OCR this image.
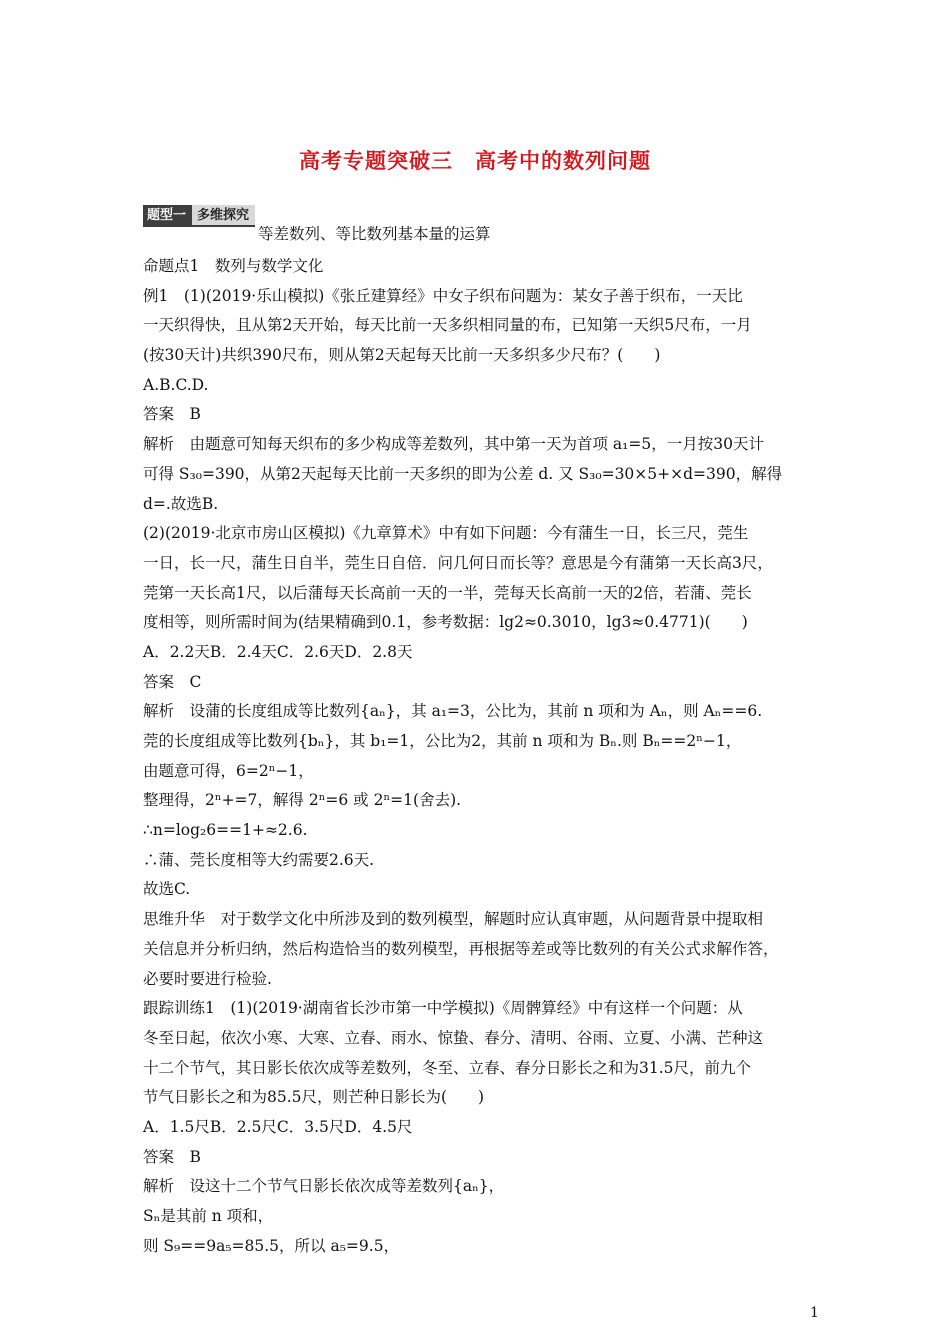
高考专题突破三　高考中的数列问题
题型一 多维探究
等差数列、等比数列基本量的运算
命题点1　数列与数学文化
例1　(1)(2019·乐山模拟)《张丘建算经》中女子织布问题为：某女子善于织布，一天比
一天织得快，且从第2天开始，每天比前一天多织相同量的布，已知第一天织5尺布，一月
(按30天计)共织390尺布，则从第2天起每天比前一天多织多少尺布？(　　)
A.B.C.D.
答案　B
解析　由题意可知每天织布的多少构成等差数列，其中第一天为首项 a₁=5，一月按30天计
可得 S₃₀=390，从第2天起每天比前一天多织的即为公差 d. 又 S₃₀=30×5+×d=390，解得
d=.故选B.
(2)(2019·北京市房山区模拟)《九章算术》中有如下问题：今有蒲生一日，长三尺，莞生
一日，长一尺，蒲生日自半，莞生日自倍．问几何日而长等？意思是今有蒲第一天长高3尺，
莞第一天长高1尺，以后蒲每天长高前一天的一半，莞每天长高前一天的2倍，若蒲、莞长
度相等，则所需时间为(结果精确到0.1，参考数据：lg2≈0.3010，lg3≈0.4771)(　　)
A．2.2天B．2.4天C．2.6天D．2.8天
答案　C
解析　设蒲的长度组成等比数列{aₙ}，其 a₁=3，公比为，其前 n 项和为 Aₙ，则 Aₙ==6.
莞的长度组成等比数列{bₙ}，其 b₁=1，公比为2，其前 n 项和为 Bₙ.则 Bₙ==2ⁿ−1，
由题意可得，6=2ⁿ−1，
整理得，2ⁿ+=7，解得 2ⁿ=6 或 2ⁿ=1(舍去).
∴n=log₂6==1+≈2.6.
∴蒲、莞长度相等大约需要2.6天.
故选C.
思维升华　对于数学文化中所涉及到的数列模型，解题时应认真审题，从问题背景中提取相
关信息并分析归纳，然后构造恰当的数列模型，再根据等差或等比数列的有关公式求解作答，
必要时要进行检验.
跟踪训练1　(1)(2019·湖南省长沙市第一中学模拟)《周髀算经》中有这样一个问题：从
冬至日起，依次小寒、大寒、立春、雨水、惊蛰、春分、清明、谷雨、立夏、小满、芒种这
十二个节气，其日影长依次成等差数列，冬至、立春、春分日影长之和为31.5尺，前九个
节气日影长之和为85.5尺，则芒种日影长为(　　)
A．1.5尺B．2.5尺C．3.5尺D．4.5尺
答案　B
解析　设这十二个节气日影长依次成等差数列{aₙ}，
Sₙ是其前 n 项和，
则 S₉==9a₅=85.5，所以 a₅=9.5，
1
